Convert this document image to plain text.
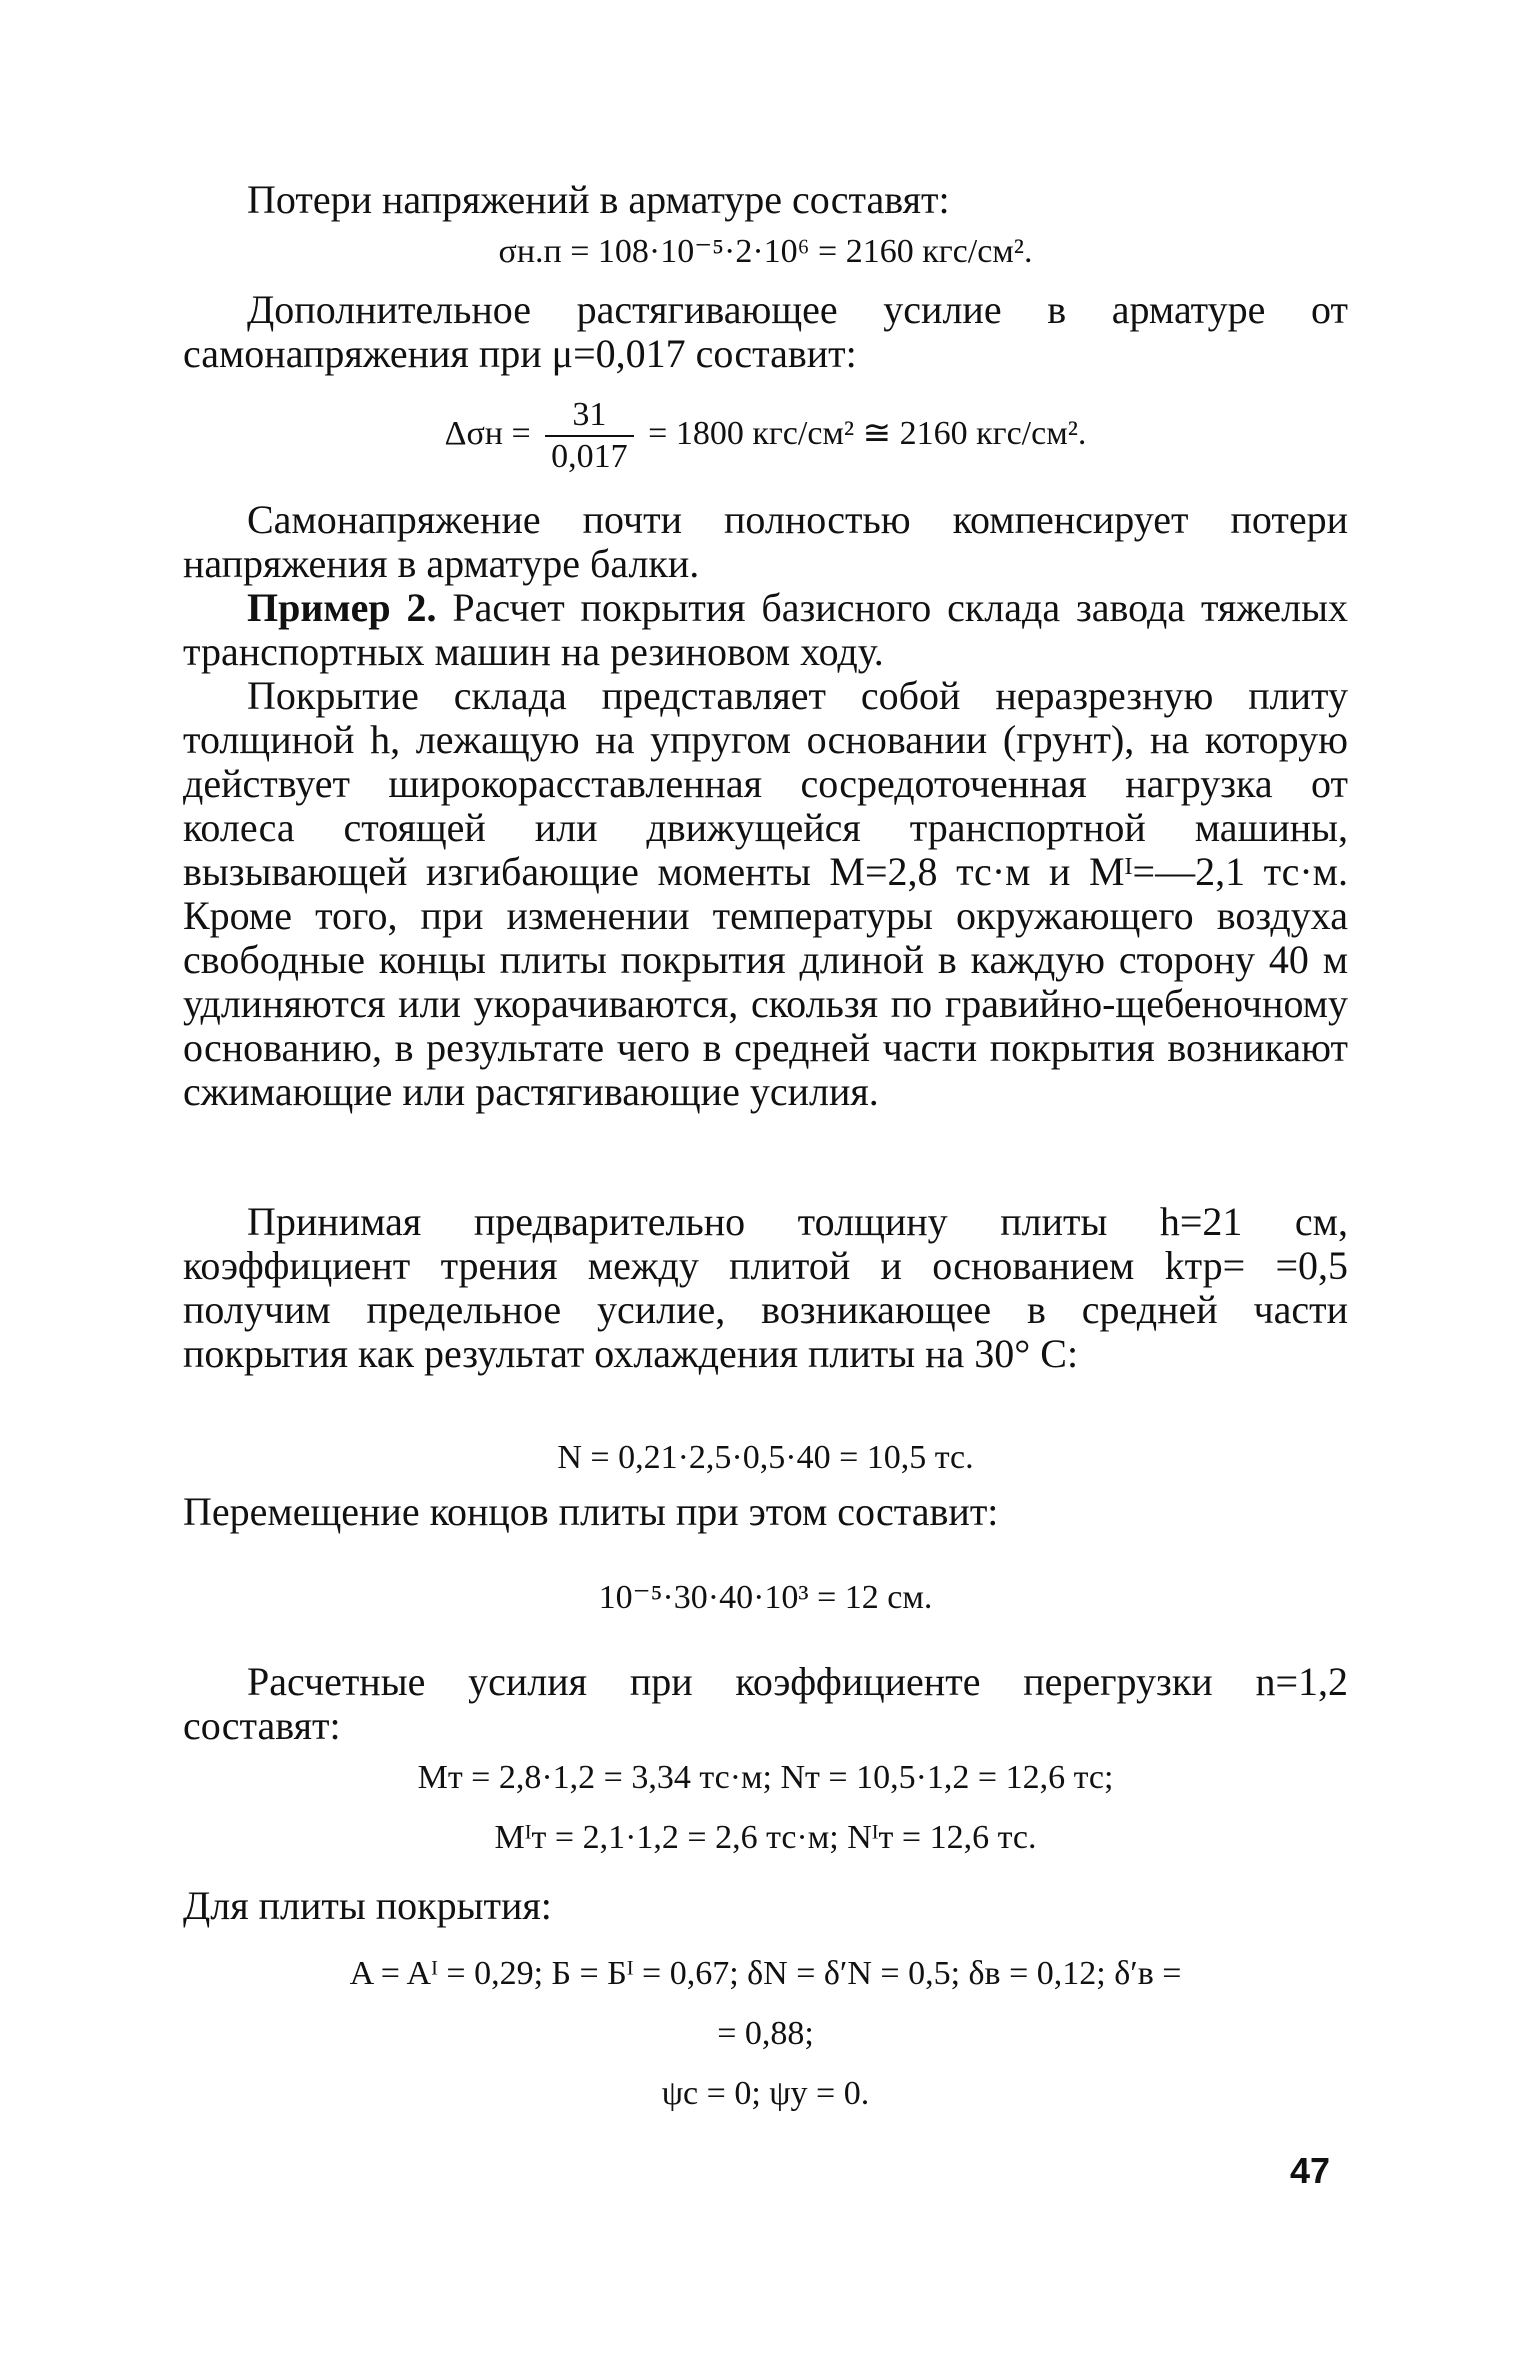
Потери напряжений в арматуре составят:

σн.п = 108·10⁻⁵·2·10⁶ = 2160 кгс/см².

Дополнительное растягивающее усилие в арматуре от самонапряжения при μ=0,017 составит:

$\Delta\sigma н = \frac{31}{0,017} = 1800$ кгс/см² ≅ 2160 кгс/см².

Самонапряжение почти полностью компенсирует потери напряжения в арматуре балки.

Пример 2. Расчет покрытия базисного склада завода тяжелых транспортных машин на резиновом ходу.

Покрытие склада представляет собой неразрезную плиту толщиной h, лежащую на упругом основании (грунт), на которую действует широкорасставленная сосредоточенная нагрузка от колеса стоящей или движущейся транспортной машины, вызывающей изгибающие моменты M=2,8 тс·м и Mᴵ=—2,1 тс·м. Кроме того, при изменении температуры окружающего воздуха свободные концы плиты покрытия длиной в каждую сторону 40 м удлиняются или укорачиваются, скользя по гравийно-щебеночному основанию, в результате чего в средней части покрытия возникают сжимающие или растягивающие усилия.

Принимая предварительно толщину плиты h=21 см, коэффициент трения между плитой и основанием kтр= =0,5 получим предельное усилие, возникающее в средней части покрытия как результат охлаждения плиты на 30° С:

N = 0,21·2,5·0,5·40 = 10,5 тс.

Перемещение концов плиты при этом составит:

10⁻⁵·30·40·10³ = 12 см.

Расчетные усилия при коэффициенте перегрузки n=1,2 составят:

Mт = 2,8·1,2 = 3,34 тс·м; Nт = 10,5·1,2 = 12,6 тс;

Mᴵт = 2,1·1,2 = 2,6 тс·м; Nᴵт = 12,6 тс.

Для плиты покрытия:

A = Aᴵ = 0,29; Б = Бᴵ = 0,67; δN = δ′N = 0,5; δв = 0,12; δ′в =

= 0,88;

ψс = 0; ψу = 0.

47
